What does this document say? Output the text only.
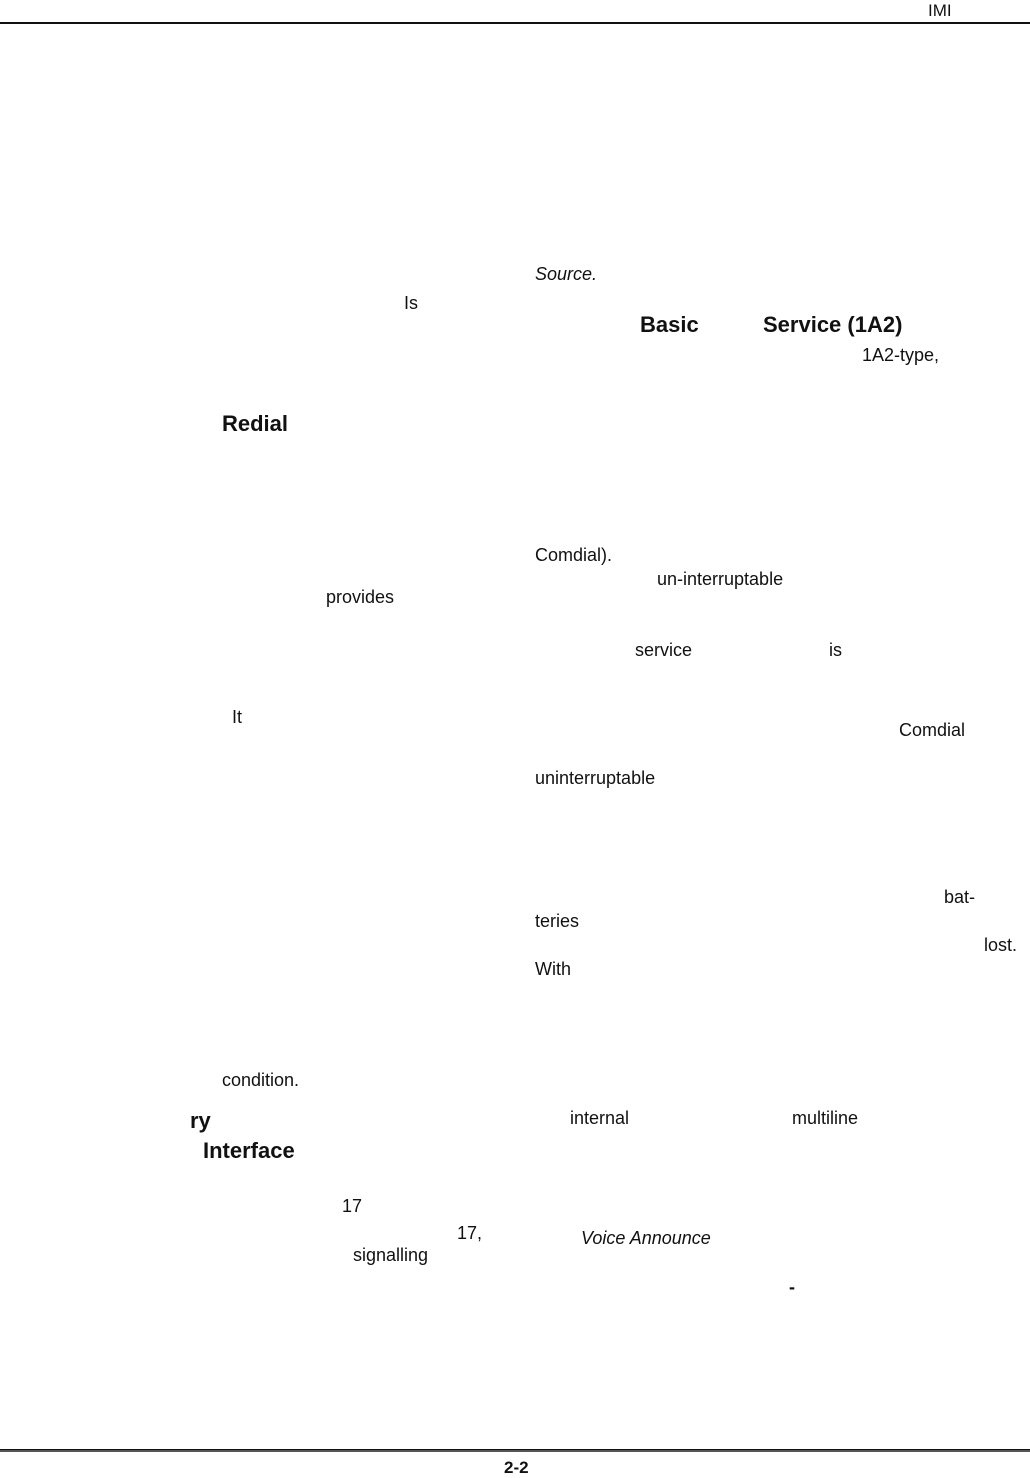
IMI
Source.
Is
Basic	Service (1A2)
1A2-type,
Redial
Comdial).
un-interruptable
provides
service	is
It
Comdial
uninterruptable
bat-
teries
lost.
With
condition.
ry	internal	multiline
Interface
17
17,	Voice Announce
signalling
-
2-2
